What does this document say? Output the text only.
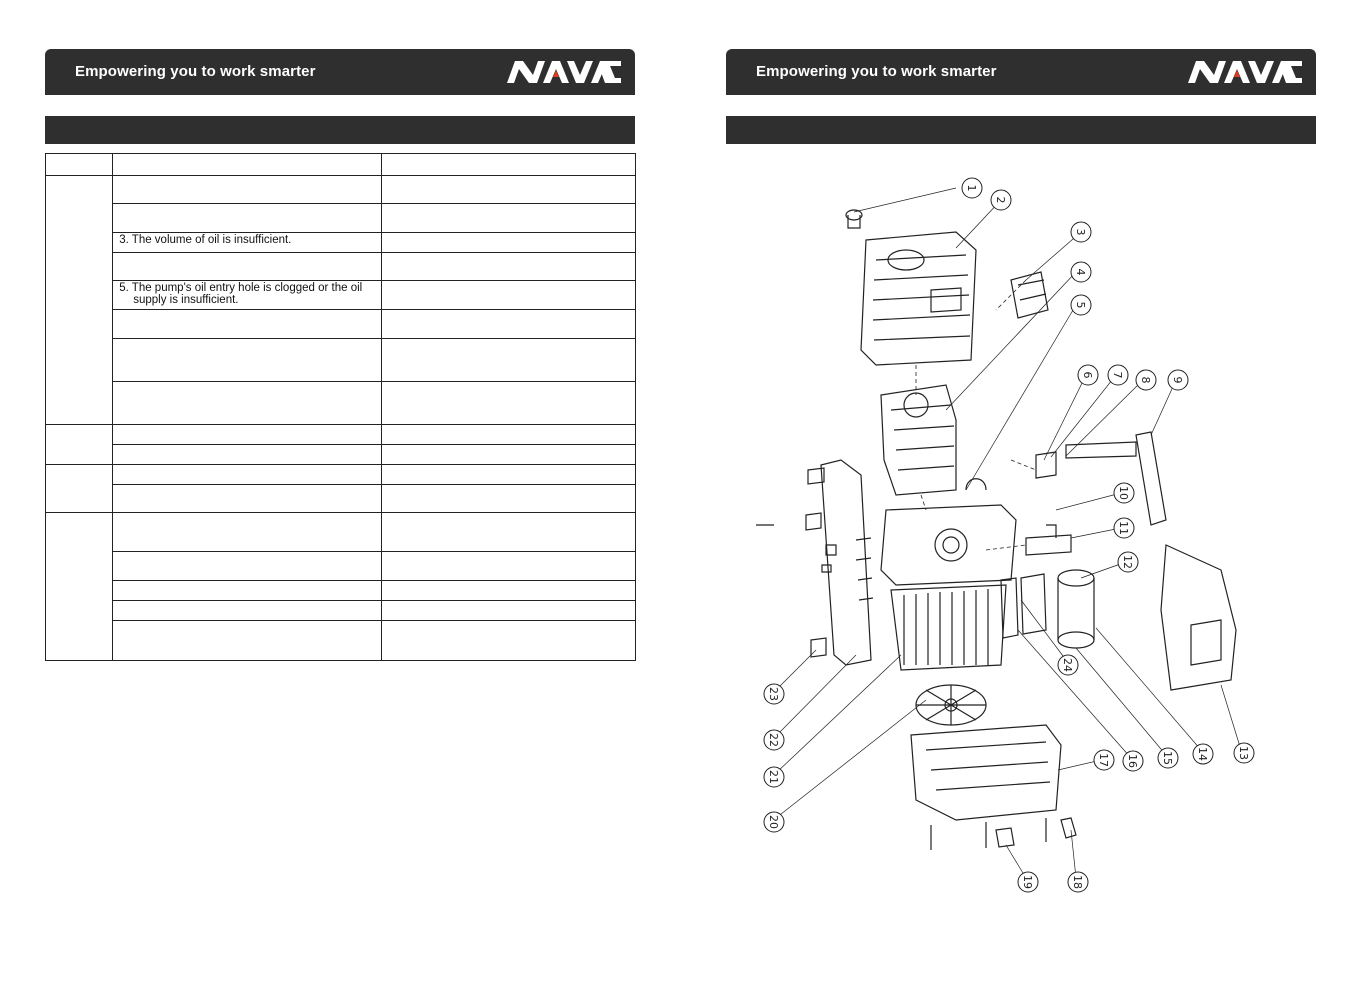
Empowering you to work smarter

	3. The volume of oil is insufficient.	

	5. The pump's oil entry hole is clogged or the oil
supply is insufficient.	

Empowering you to work smarter
1
2
3
4
5
6 7
8 9
10
11
12
13
14
15
16
17
18
19
20
21
22
23
24
